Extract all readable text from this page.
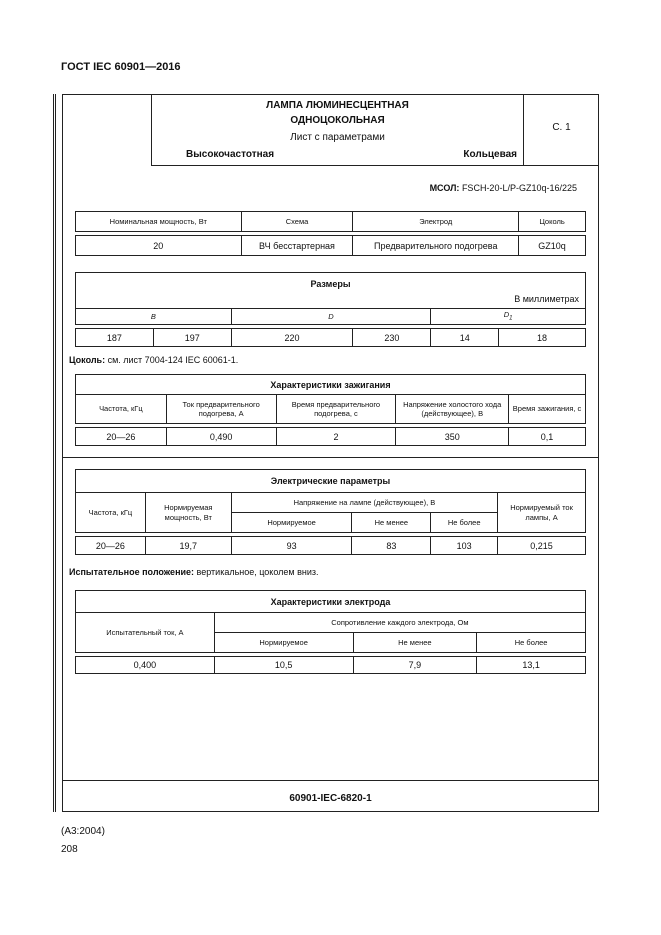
ГОСТ IEC 60901—2016
ЛАМПА ЛЮМИНЕСЦЕНТНАЯ
ОДНОЦОКОЛЬНАЯ
Лист с параметрами
Высокочастотная	Кольцевая
С. 1
МСОЛ: FSCH-20-L/P-GZ10q-16/225
Номинальная мощность, Вт	Схема	Электрод	Цоколь

20	ВЧ бесстартерная	Предварительного подогрева	GZ10q
Размеры
В миллиметрах					

B		D		$D_1$

187	197	220	230	14	18
Цоколь: см. лист 7004-124 IEC 60061-1.
Характеристики зажигания				
Частота, кГц	Ток предварительного подогрева, А	Время предварительного подогрева, с	Напряжение холостого хода (действующее), В	Время зажигания, с

20—26	0,490	2	350	0,1
Электрические параметры					
Частота, кГц	Нормируемая мощность, Вт	Напряжение на лампе (действующее), В			Нормируемый ток лампы, А
		Нормируемое	Не менее	Не более	

20—26	19,7	93	83	103	0,215
Испытательное положение: вертикальное, цоколем вниз.
Характеристики электрода			
Испытательный ток, А	Сопротивление каждого электрода, Ом		
	Нормируемое	Не менее	Не более

0,400	10,5	7,9	13,1
60901-IEC-6820-1
(А3:2004)
208
